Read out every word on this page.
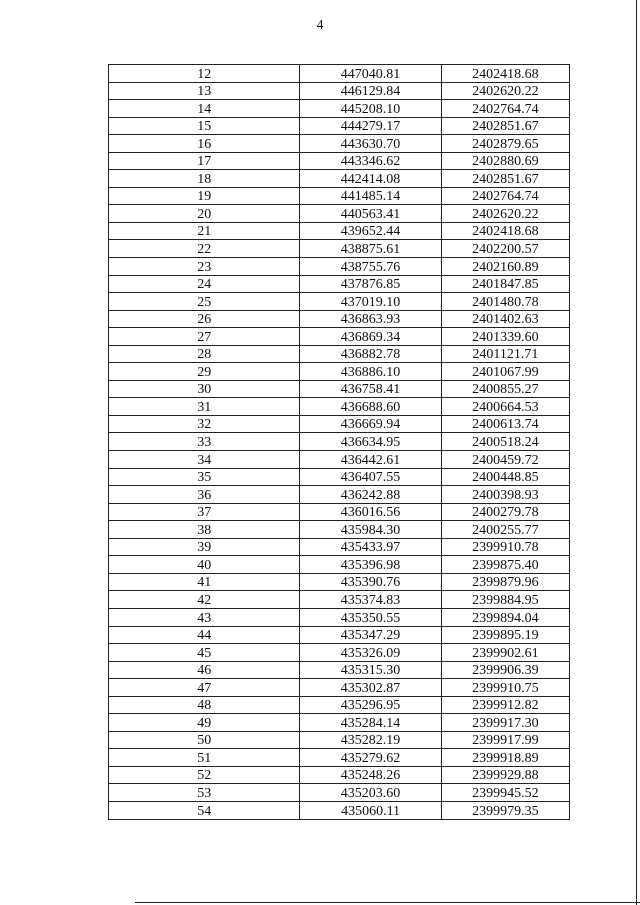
4
12	447040.81	2402418.68
13	446129.84	2402620.22
14	445208.10	2402764.74
15	444279.17	2402851.67
16	443630.70	2402879.65
17	443346.62	2402880.69
18	442414.08	2402851.67
19	441485.14	2402764.74
20	440563.41	2402620.22
21	439652.44	2402418.68
22	438875.61	2402200.57
23	438755.76	2402160.89
24	437876.85	2401847.85
25	437019.10	2401480.78
26	436863.93	2401402.63
27	436869.34	2401339.60
28	436882.78	2401121.71
29	436886.10	2401067.99
30	436758.41	2400855.27
31	436688.60	2400664.53
32	436669.94	2400613.74
33	436634.95	2400518.24
34	436442.61	2400459.72
35	436407.55	2400448.85
36	436242.88	2400398.93
37	436016.56	2400279.78
38	435984.30	2400255.77
39	435433.97	2399910.78
40	435396.98	2399875.40
41	435390.76	2399879.96
42	435374.83	2399884.95
43	435350.55	2399894.04
44	435347.29	2399895.19
45	435326.09	2399902.61
46	435315.30	2399906.39
47	435302.87	2399910.75
48	435296.95	2399912.82
49	435284.14	2399917.30
50	435282.19	2399917.99
51	435279.62	2399918.89
52	435248.26	2399929.88
53	435203.60	2399945.52
54	435060.11	2399979.35
